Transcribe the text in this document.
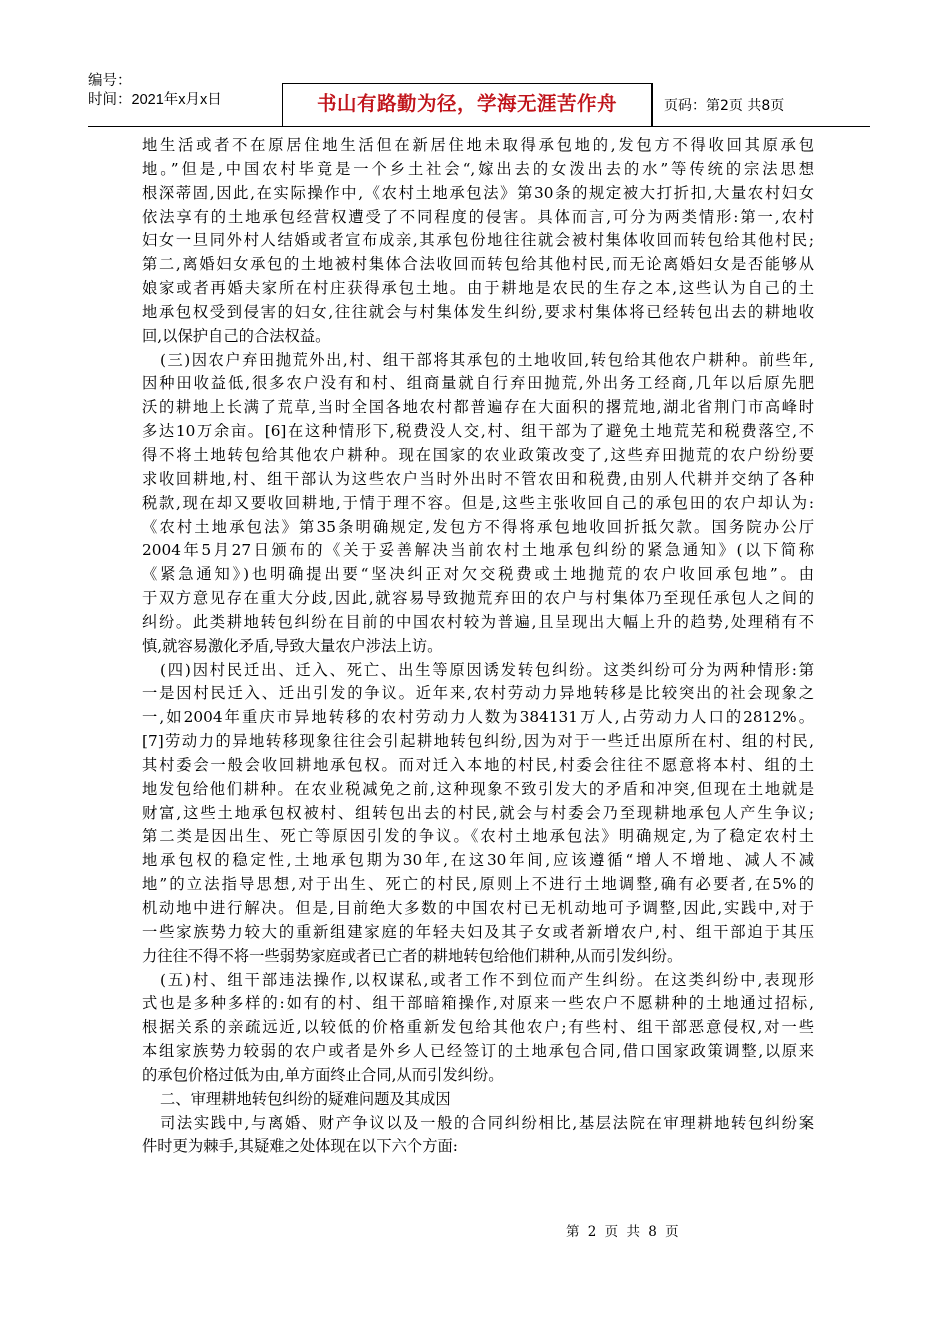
编号：
时间：2021年x月x日	书山有路勤为径，学海无涯苦作舟	页码：第2页 共8页
地生活或者不在原居住地生活但在新居住地未取得承包地的,发包方不得收回其原承包
地。”但是,中国农村毕竟是一个乡土社会“,嫁出去的女泼出去的水”等传统的宗法思想
根深蒂固,因此,在实际操作中,《农村土地承包法》第30条的规定被大打折扣,大量农村妇女
依法享有的土地承包经营权遭受了不同程度的侵害。具体而言,可分为两类情形:第一,农村
妇女一旦同外村人结婚或者宣布成亲,其承包份地往往就会被村集体收回而转包给其他村民;
第二,离婚妇女承包的土地被村集体合法收回而转包给其他村民,而无论离婚妇女是否能够从
娘家或者再婚夫家所在村庄获得承包土地。由于耕地是农民的生存之本,这些认为自己的土
地承包权受到侵害的妇女,往往就会与村集体发生纠纷,要求村集体将已经转包出去的耕地收
回,以保护自己的合法权益。
(三)因农户弃田抛荒外出,村、组干部将其承包的土地收回,转包给其他农户耕种。前些年,
因种田收益低,很多农户没有和村、组商量就自行弃田抛荒,外出务工经商,几年以后原先肥
沃的耕地上长满了荒草,当时全国各地农村都普遍存在大面积的撂荒地,湖北省荆门市高峰时
多达10万余亩。[6]在这种情形下,税费没人交,村、组干部为了避免土地荒芜和税费落空,不
得不将土地转包给其他农户耕种。现在国家的农业政策改变了,这些弃田抛荒的农户纷纷要
求收回耕地,村、组干部认为这些农户当时外出时不管农田和税费,由别人代耕并交纳了各种
税款,现在却又要收回耕地,于情于理不容。但是,这些主张收回自己的承包田的农户却认为:
《农村土地承包法》第35条明确规定,发包方不得将承包地收回折抵欠款。国务院办公厅
2004年5月27日颁布的《关于妥善解决当前农村土地承包纠纷的紧急通知》(以下简称
《紧急通知》)也明确提出要“坚决纠正对欠交税费或土地抛荒的农户收回承包地”。由
于双方意见存在重大分歧,因此,就容易导致抛荒弃田的农户与村集体乃至现任承包人之间的
纠纷。此类耕地转包纠纷在目前的中国农村较为普遍,且呈现出大幅上升的趋势,处理稍有不
慎,就容易激化矛盾,导致大量农户涉法上访。
(四)因村民迁出、迁入、死亡、出生等原因诱发转包纠纷。这类纠纷可分为两种情形:第
一是因村民迁入、迁出引发的争议。近年来,农村劳动力异地转移是比较突出的社会现象之
一,如2004年重庆市异地转移的农村劳动力人数为384131万人,占劳动力人口的2812%。
[7]劳动力的异地转移现象往往会引起耕地转包纠纷,因为对于一些迁出原所在村、组的村民,
其村委会一般会收回耕地承包权。而对迁入本地的村民,村委会往往不愿意将本村、组的土
地发包给他们耕种。在农业税减免之前,这种现象不致引发大的矛盾和冲突,但现在土地就是
财富,这些土地承包权被村、组转包出去的村民,就会与村委会乃至现耕地承包人产生争议;
第二类是因出生、死亡等原因引发的争议。《农村土地承包法》明确规定,为了稳定农村土
地承包权的稳定性,土地承包期为30年,在这30年间,应该遵循“增人不增地、减人不减
地”的立法指导思想,对于出生、死亡的村民,原则上不进行土地调整,确有必要者,在5%的
机动地中进行解决。但是,目前绝大多数的中国农村已无机动地可予调整,因此,实践中,对于
一些家族势力较大的重新组建家庭的年轻夫妇及其子女或者新增农户,村、组干部迫于其压
力往往不得不将一些弱势家庭或者已亡者的耕地转包给他们耕种,从而引发纠纷。
(五)村、组干部违法操作,以权谋私,或者工作不到位而产生纠纷。在这类纠纷中,表现形
式也是多种多样的:如有的村、组干部暗箱操作,对原来一些农户不愿耕种的土地通过招标,
根据关系的亲疏远近,以较低的价格重新发包给其他农户;有些村、组干部恶意侵权,对一些
本组家族势力较弱的农户或者是外乡人已经签订的土地承包合同,借口国家政策调整,以原来
的承包价格过低为由,单方面终止合同,从而引发纠纷。
二、审理耕地转包纠纷的疑难问题及其成因
司法实践中,与离婚、财产争议以及一般的合同纠纷相比,基层法院在审理耕地转包纠纷案
件时更为棘手,其疑难之处体现在以下六个方面:
第 2 页 共 8 页
